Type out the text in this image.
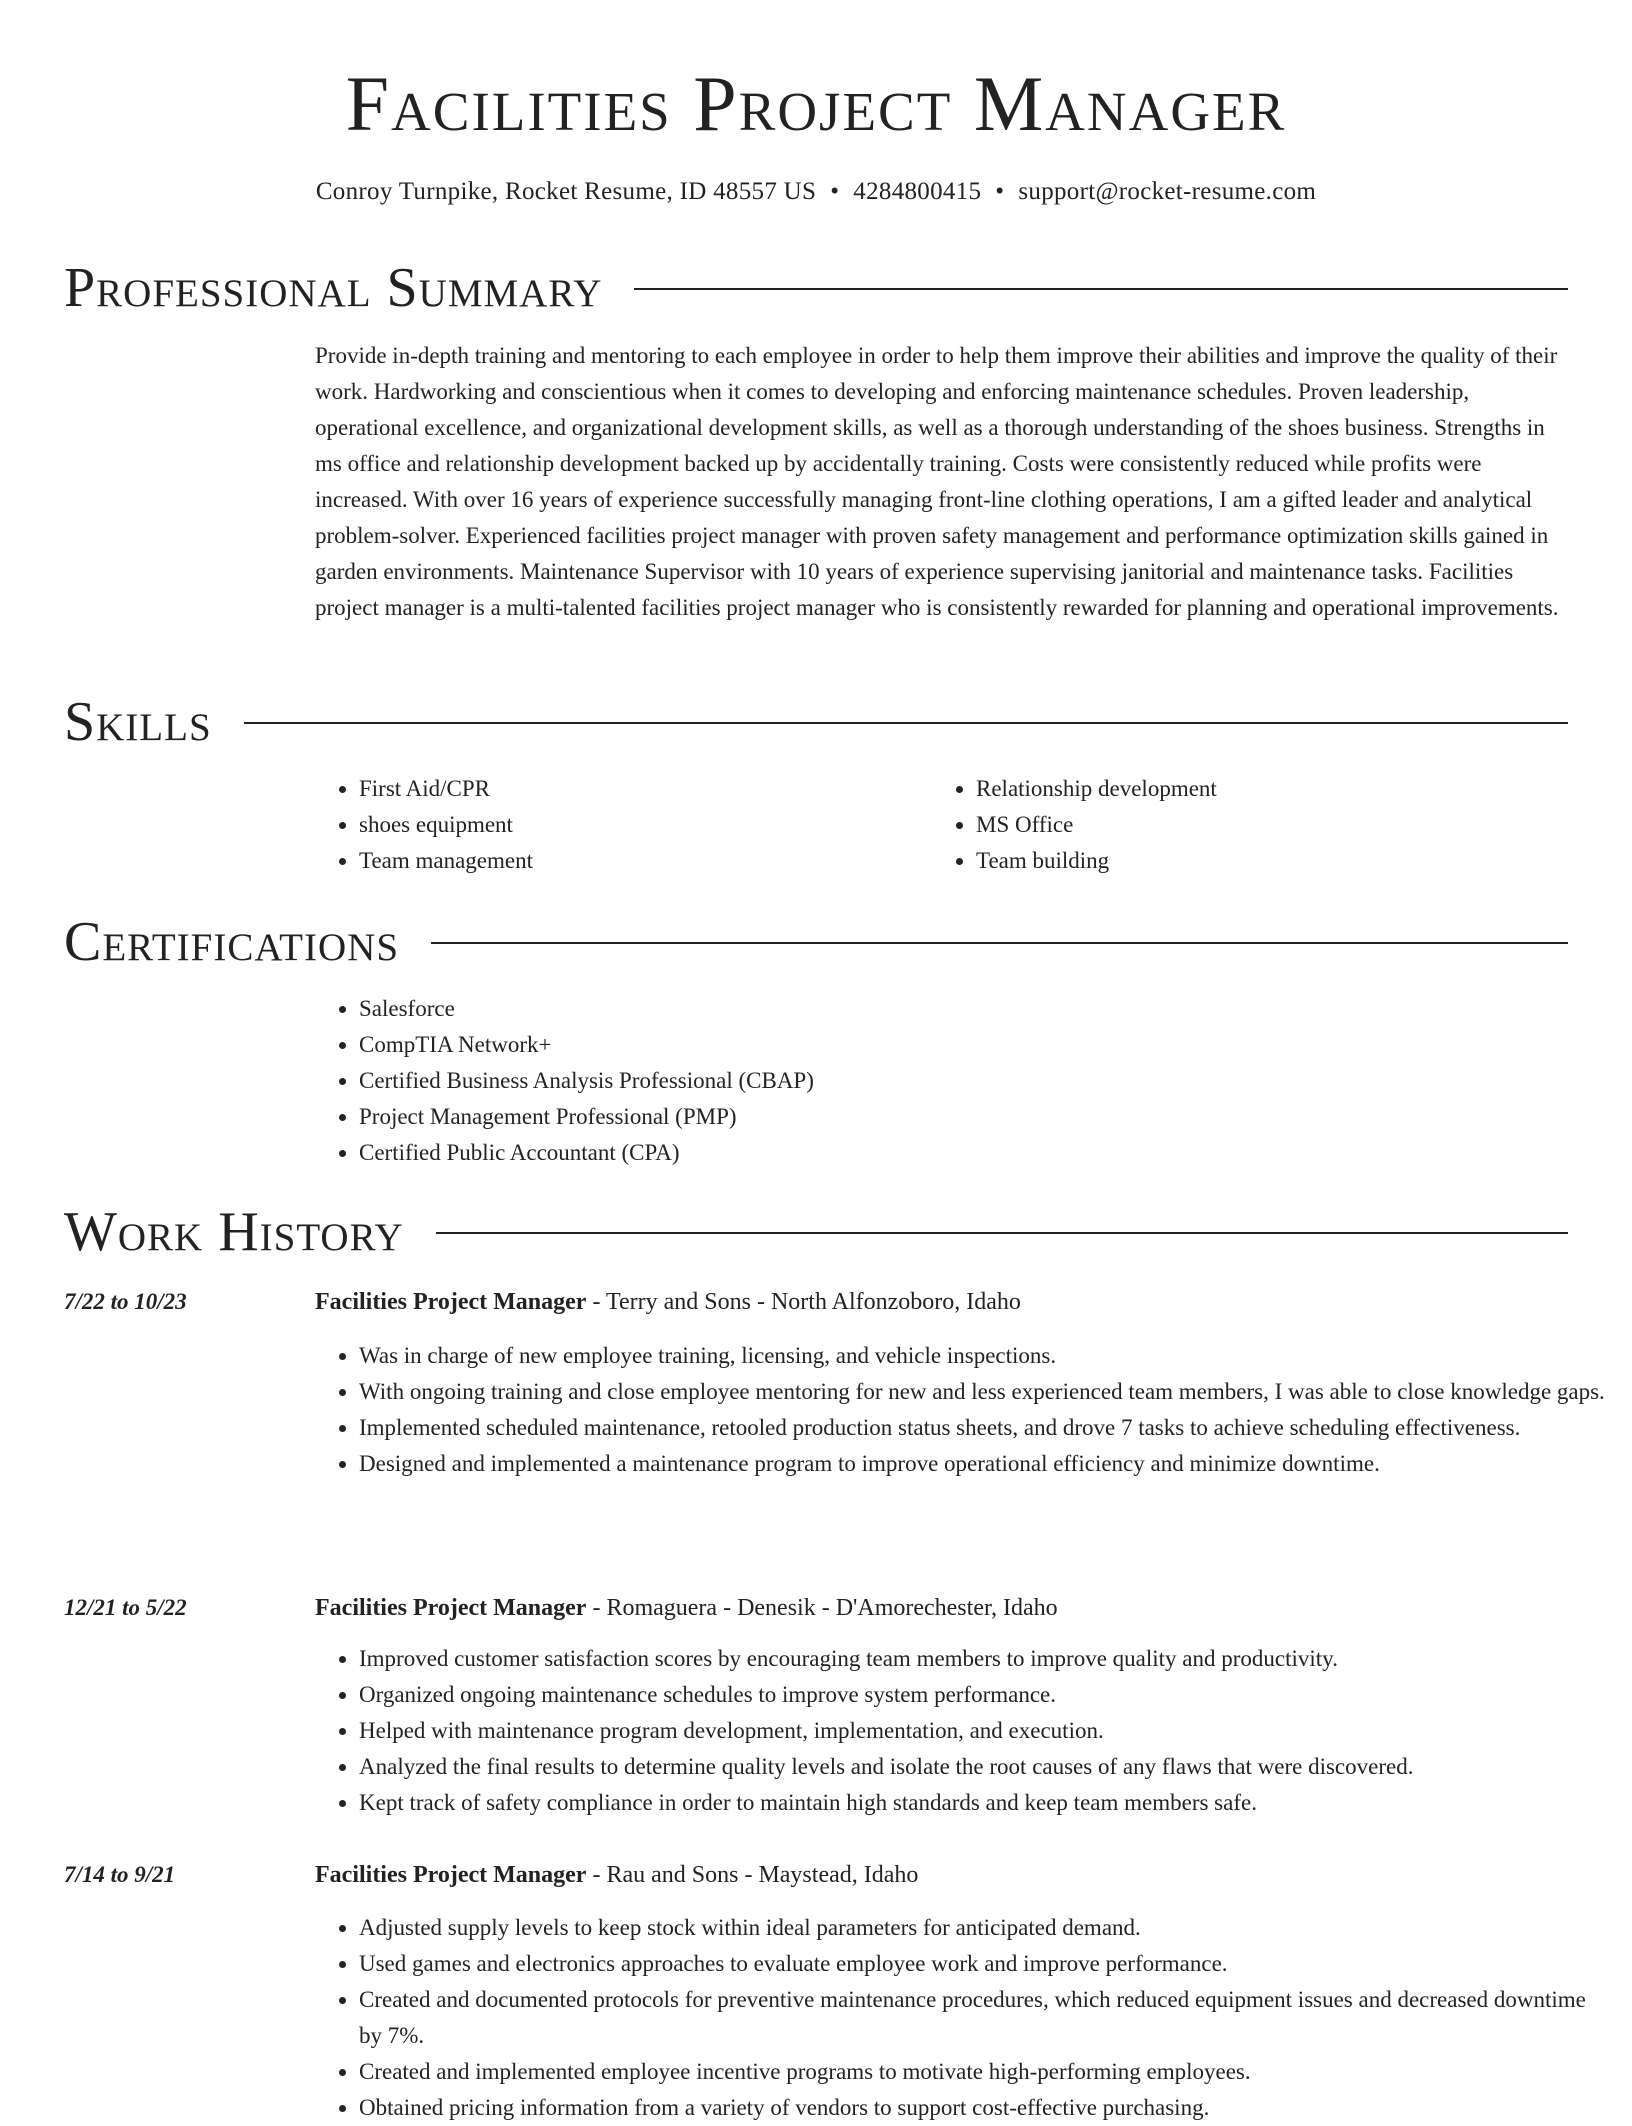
Facilities Project Manager
Conroy Turnpike, Rocket Resume, ID 48557 US • 4284800415 • support@rocket-resume.com
Professional Summary

Provide in-depth training and mentoring to each employee in order to help them improve their abilities and improve the quality of their work. Hardworking and conscientious when it comes to developing and enforcing maintenance schedules. Proven leadership, operational excellence, and organizational development skills, as well as a thorough understanding of the shoes business. Strengths in ms office and relationship development backed up by accidentally training. Costs were consistently reduced while profits were increased. With over 16 years of experience successfully managing front-line clothing operations, I am a gifted leader and analytical problem-solver. Experienced facilities project manager with proven safety management and performance optimization skills gained in garden environments. Maintenance Supervisor with 10 years of experience supervising janitorial and maintenance tasks. Facilities project manager is a multi-talented facilities project manager who is consistently rewarded for planning and operational improvements.

Skills
• First Aid/CPR
• shoes equipment
• Team management
• Relationship development
• MS Office
• Team building
Certifications
• Salesforce
• CompTIA Network+
• Certified Business Analysis Professional (CBAP)
• Project Management Professional (PMP)
• Certified Public Accountant (CPA)
Work History
7/22 to 10/23	Facilities Project Manager - Terry and Sons - North Alfonzoboro, Idaho
• Was in charge of new employee training, licensing, and vehicle inspections.
• With ongoing training and close employee mentoring for new and less experienced team members, I was able to close knowledge gaps.
• Implemented scheduled maintenance, retooled production status sheets, and drove 7 tasks to achieve scheduling effectiveness.
• Designed and implemented a maintenance program to improve operational efficiency and minimize downtime.
12/21 to 5/22	Facilities Project Manager - Romaguera - Denesik - D'Amorechester, Idaho
• Improved customer satisfaction scores by encouraging team members to improve quality and productivity.
• Organized ongoing maintenance schedules to improve system performance.
• Helped with maintenance program development, implementation, and execution.
• Analyzed the final results to determine quality levels and isolate the root causes of any flaws that were discovered.
• Kept track of safety compliance in order to maintain high standards and keep team members safe.
7/14 to 9/21	Facilities Project Manager - Rau and Sons - Maystead, Idaho
• Adjusted supply levels to keep stock within ideal parameters for anticipated demand.
• Used games and electronics approaches to evaluate employee work and improve performance.
• Created and documented protocols for preventive maintenance procedures, which reduced equipment issues and decreased downtime by 7%.
• Created and implemented employee incentive programs to motivate high-performing employees.
• Obtained pricing information from a variety of vendors to support cost-effective purchasing.
